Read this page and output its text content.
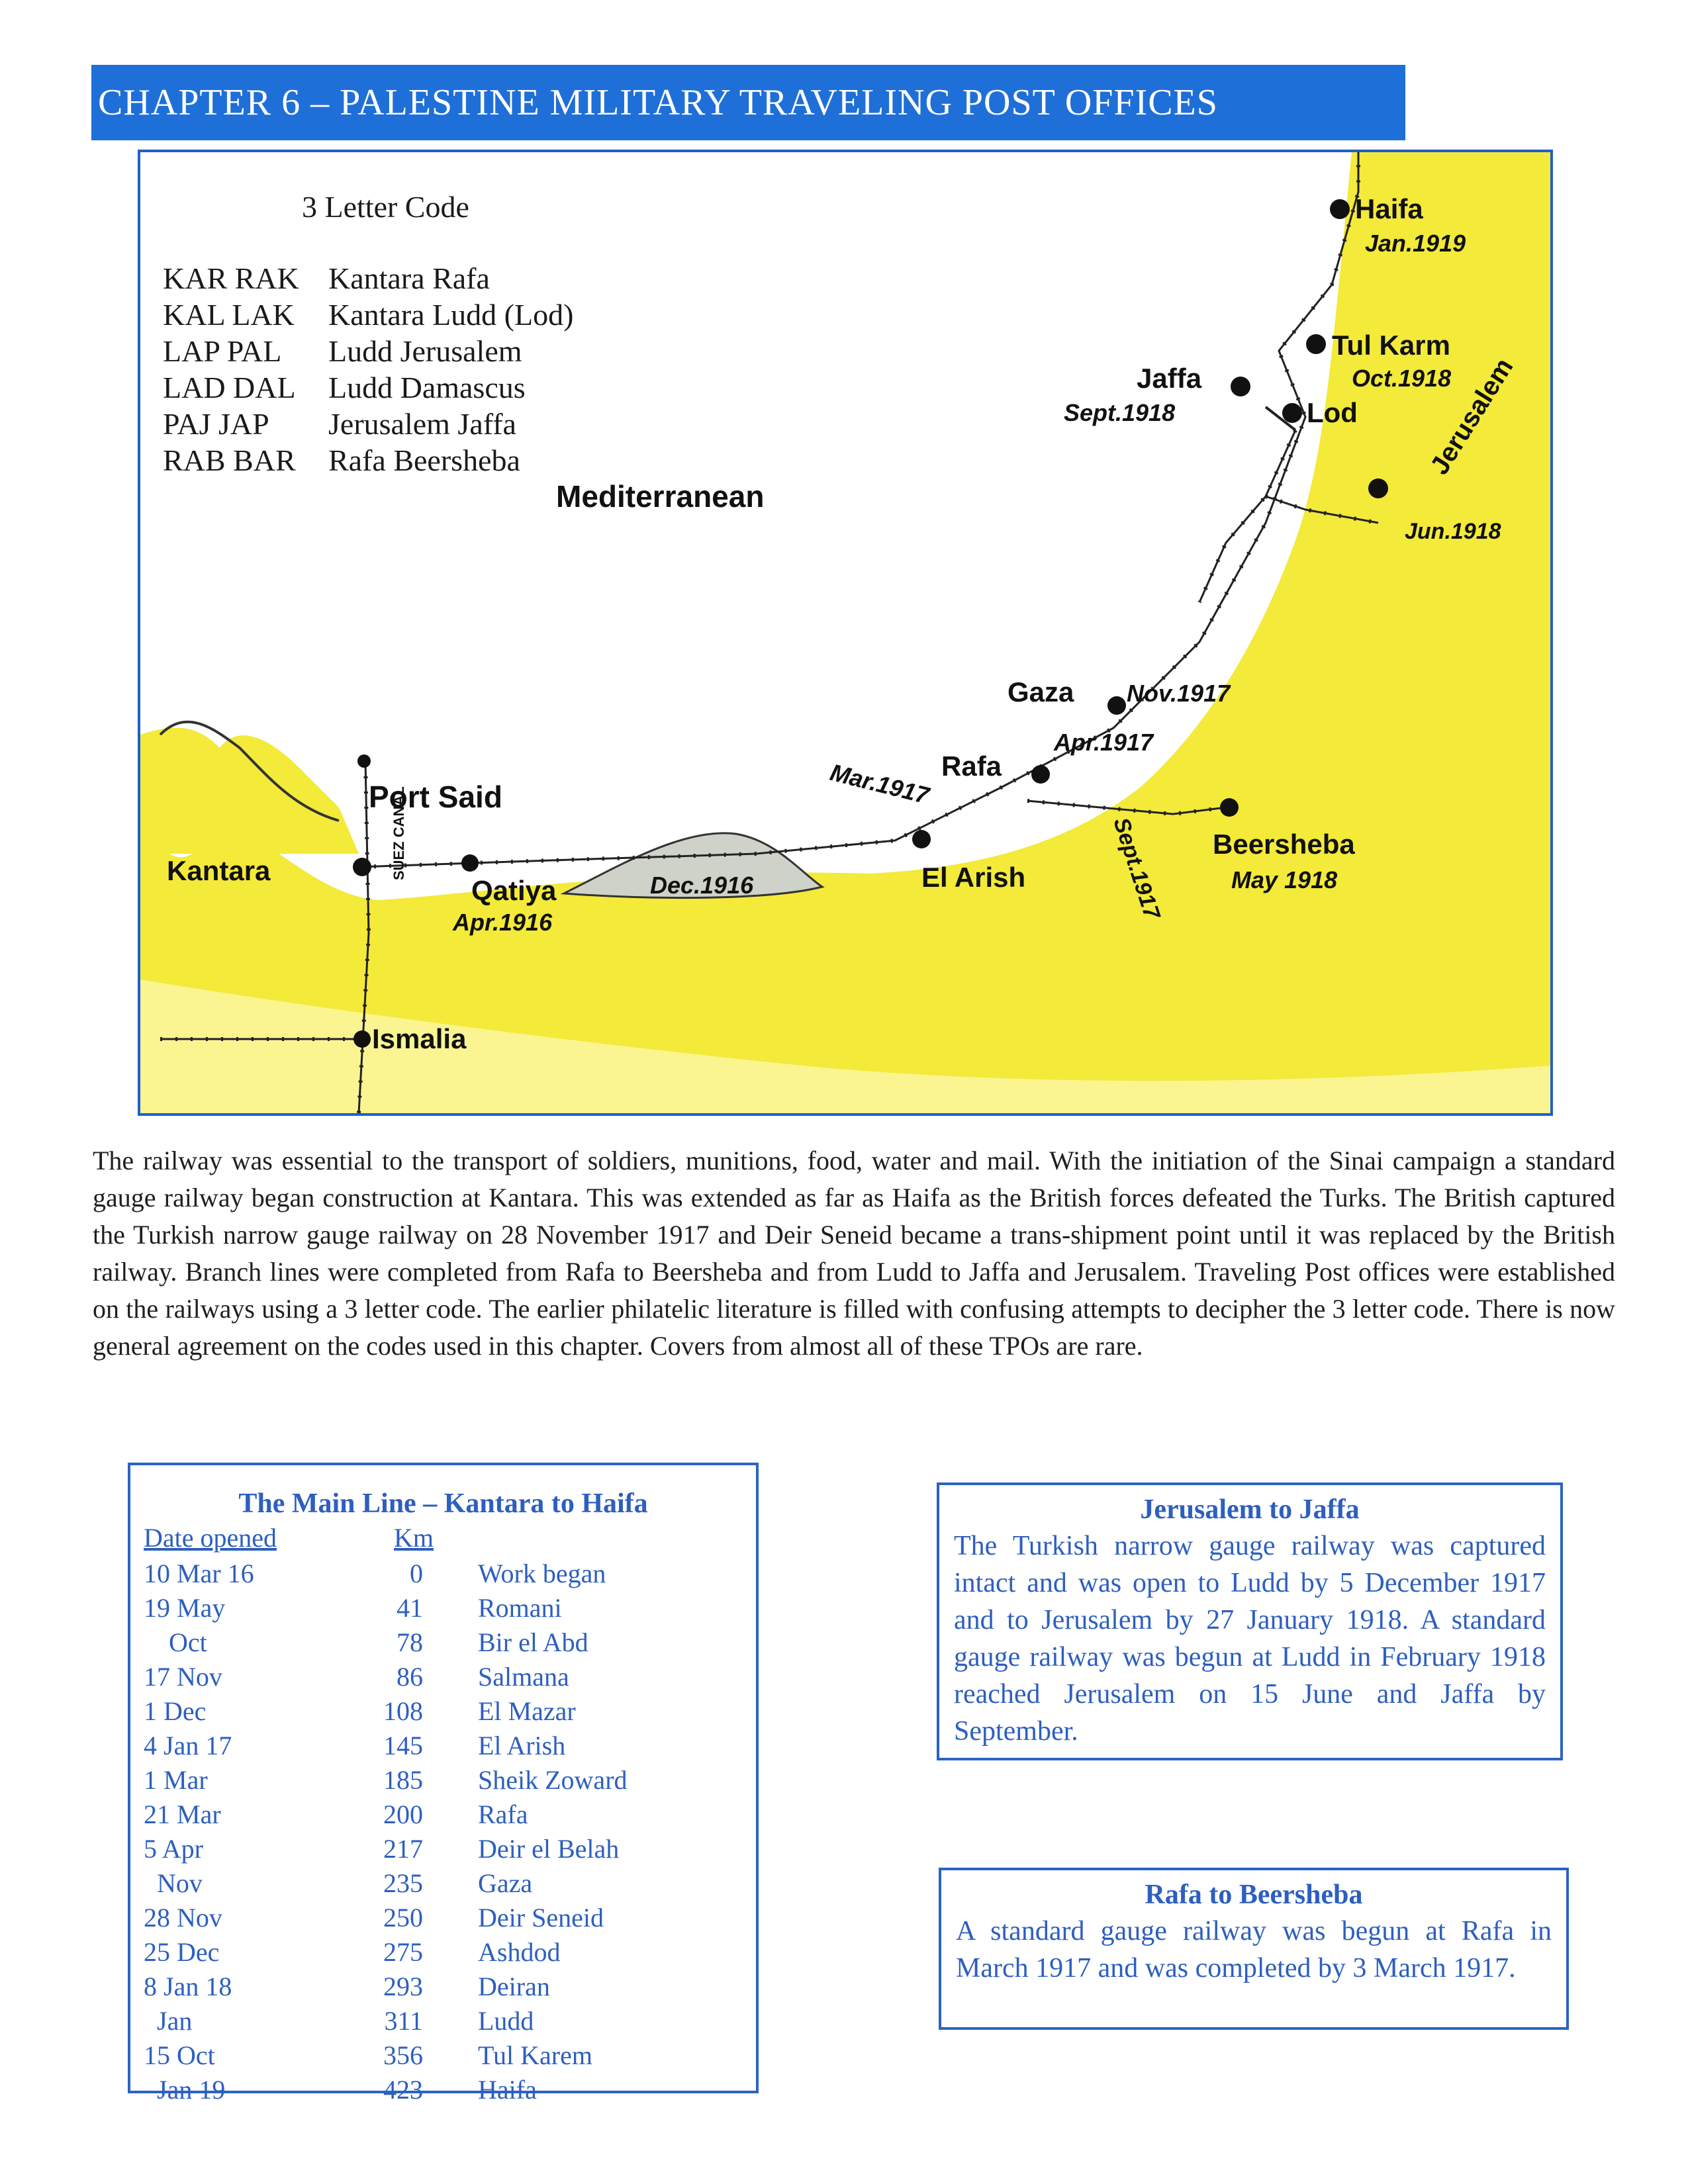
CHAPTER 6 – PALESTINE MILITARY TRAVELING POST OFFICES
Mediterranean
Haifa
Jan.1919
Tul Karm
Oct.1918
Jaffa
Sept.1918	Lod	Jerusalem
Jun.1918
Gaza Nov.1917
Rafa
Apr.1917
Mar.1917
Beersheba
May 1918
Sept.1917
El Arish
Dec.1916
Port Said
Kantara
Qatiya
Apr.1916
Ismalia
SUEZ CANAL
3 Letter Code
KAR RAK Kantara Rafa
KAL LAK Kantara Ludd (Lod)
LAP PAL Ludd Jerusalem
LAD DAL Ludd Damascus
PAJ JAP Jerusalem Jaffa
RAB BAR Rafa Beersheba
The railway was essential to the transport of soldiers, munitions, food, water and mail. With the initiation of the Sinai campaign a standard gauge railway began construction at Kantara. This was extended as far as Haifa as the British forces defeated the Turks. The British captured the Turkish narrow gauge railway on 28 November 1917 and Deir Seneid became a trans-shipment point until it was replaced by the British railway. Branch lines were completed from Rafa to Beersheba and from Ludd to Jaffa and Jerusalem. Traveling Post offices were established on the railways using a 3 letter code. The earlier philatelic literature is filled with confusing attempts to decipher the 3 letter code. There is now general agreement on the codes used in this chapter. Covers from almost all of these TPOs are rare.
The Main Line – Kantara to Haifa
Date opened	Km
10 Mar 16	0 Work began
19 May	41 Romani
Oct	78 Bir el Abd
17 Nov	86 Salmana
1 Dec	108 El Mazar
4 Jan 17	145 El Arish
1 Mar	185 Sheik Zoward
21 Mar	200 Rafa
5 Apr	217 Deir el Belah
Nov	235 Gaza
28 Nov	250 Deir Seneid
25 Dec	275 Ashdod
8 Jan 18	293 Deiran
Jan	311 Ludd
15 Oct	356 Tul Karem
Jan 19	423 Haifa
Jerusalem to Jaffa
The Turkish narrow gauge railway was captured intact and was open to Ludd by 5 December 1917 and to Jerusalem by 27 January 1918. A standard gauge railway was begun at Ludd in February 1918 reached Jerusalem on 15 June and Jaffa by September.
Rafa to Beersheba
A standard gauge railway was begun at Rafa in March 1917 and was completed by 3 March 1917.
